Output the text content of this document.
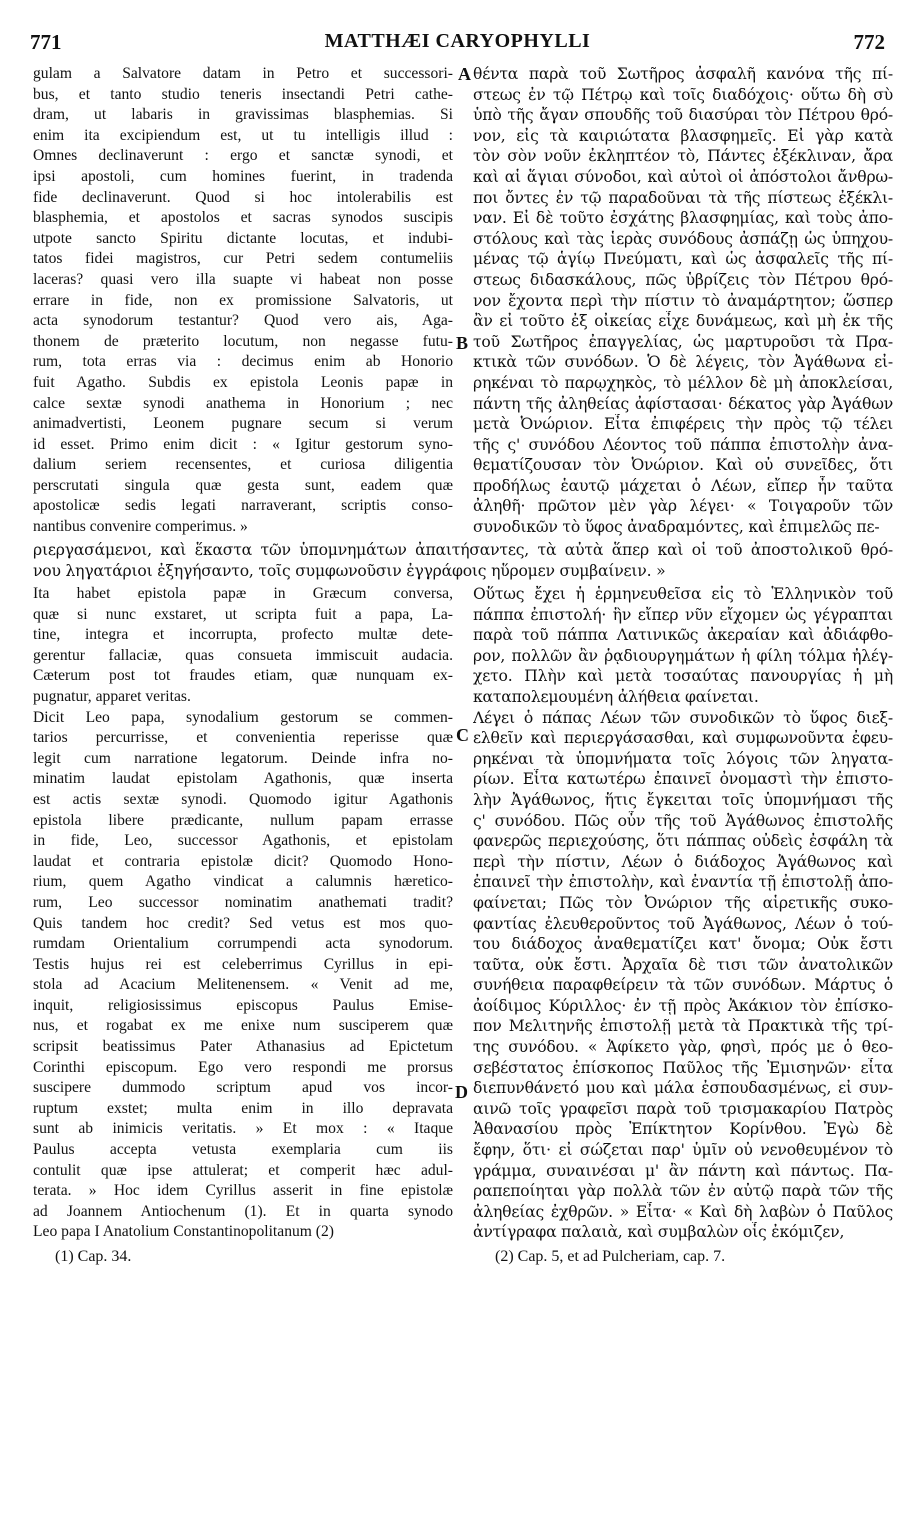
771	MATTHÆI CARYOPHYLLI	772
gulam a Salvatore datam in Petro et successori-
bus, et tanto studio teneris insectandi Petri cathe-
dram, ut labaris in gravissimas blasphemias. Si
enim ita excipiendum est, ut tu intelligis illud :
Omnes declinaverunt : ergo et sanctæ synodi, et
ipsi apostoli, cum homines fuerint, in tradenda
fide declinaverunt. Quod si hoc intolerabilis est
blasphemia, et apostolos et sacras synodos suscipis
utpote sancto Spiritu dictante locutas, et indubi-
tatos fidei magistros, cur Petri sedem contumeliis
laceras? quasi vero illa suapte vi habeat non posse
errare in fide, non ex promissione Salvatoris, ut
acta synodorum testantur? Quod vero ais, Aga-
thonem de præterito locutum, non negasse futu-
rum, tota erras via : decimus enim ab Honorio
fuit Agatho. Subdis ex epistola Leonis papæ in
calce sextæ synodi anathema in Honorium ; nec
animadvertisti, Leonem pugnare secum si verum
id esset. Primo enim dicit : « Igitur gestorum syno-
dalium seriem recensentes, et curiosa diligentia
perscrutati singula quæ gesta sunt, eadem quæ
apostolicæ sedis legati narraverant, scriptis conso-
nantibus convenire comperimus. »
θέντα παρὰ τοῦ Σωτῆρος ἀσφαλῆ κανόνα τῆς πί-
στεως ἐν τῷ Πέτρῳ καὶ τοῖς διαδόχοις· οὕτω δὴ σὺ
ὑπὸ τῆς ἄγαν σπουδῆς τοῦ διασύραι τὸν Πέτρου θρό-
νον, εἰς τὰ καιριώτατα βλασφημεῖς. Εἰ γὰρ κατὰ
τὸν σὸν νοῦν ἐκληπτέον τὸ, Πάντες ἐξέκλιναν, ἄρα
καὶ αἱ ἅγιαι σύνοδοι, καὶ αὐτοὶ οἱ ἀπόστολοι ἄνθρω-
ποι ὄντες ἐν τῷ παραδοῦναι τὰ τῆς πίστεως ἐξέκλι-
ναν. Εἰ δὲ τοῦτο ἐσχάτης βλασφημίας, καὶ τοὺς ἀπο-
στόλους καὶ τὰς ἱερὰς συνόδους ἀσπάζῃ ὡς ὑπηχου-
μένας τῷ ἁγίῳ Πνεύματι, καὶ ὡς ἀσφαλεῖς τῆς πί-
στεως διδασκάλους, πῶς ὑβρίζεις τὸν Πέτρου θρό-
νον ἔχοντα περὶ τὴν πίστιν τὸ ἀναμάρτητον; ὥσπερ
ἂν εἰ τοῦτο ἐξ οἰκείας εἶχε δυνάμεως, καὶ μὴ ἐκ τῆς
τοῦ Σωτῆρος ἐπαγγελίας, ὡς μαρτυροῦσι τὰ Πρα-
κτικὰ τῶν συνόδων. Ὁ δὲ λέγεις, τὸν Ἀγάθωνα εἰ-
ρηκέναι τὸ παρῳχηκὸς, τὸ μέλλον δὲ μὴ ἀποκλείσαι,
πάντη τῆς ἀληθείας ἀφίστασαι· δέκατος γὰρ Ἀγάθων
μετὰ Ὀνώριον. Εἶτα ἐπιφέρεις τὴν πρὸς τῷ τέλει
τῆς ς' συνόδου Λέοντος τοῦ πάππα ἐπιστολὴν ἀνα-
θεματίζουσαν τὸν Ὀνώριον. Καὶ οὐ συνεῖδες, ὅτι
προδήλως ἑαυτῷ μάχεται ὁ Λέων, εἴπερ ἦν ταῦτα
ἀληθῆ· πρῶτον μὲν γὰρ λέγει· « Τοιγαροῦν τῶν
συνοδικῶν τὸ ὕφος ἀναδραμόντες, καὶ ἐπιμελῶς πε-
ριεργασάμενοι, καὶ ἕκαστα τῶν ὑπομνημάτων ἀπαιτήσαντες, τὰ αὐτὰ ἅπερ καὶ οἱ τοῦ ἀποστολικοῦ θρό-
νου ληγατάριοι ἐξηγήσαντο, τοῖς συμφωνοῦσιν ἐγγράφοις ηὕρομεν συμβαίνειν. »
Ita habet epistola papæ in Græcum conversa,
quæ si nunc exstaret, ut scripta fuit a papa, La-
tine, integra et incorrupta, profecto multæ dete-
gerentur fallaciæ, quas consueta immiscuit audacia.
Cæterum post tot fraudes etiam, quæ nunquam ex-
pugnatur, apparet veritas.
Dicit Leo papa, synodalium gestorum se commen-
tarios percurrisse, et convenientia reperisse quæ
legit cum narratione legatorum. Deinde infra no-
minatim laudat epistolam Agathonis, quæ inserta
est actis sextæ synodi. Quomodo igitur Agathonis
epistola libere prædicante, nullum papam errasse
in fide, Leo, successor Agathonis, et epistolam
laudat et contraria epistolæ dicit? Quomodo Hono-
rium, quem Agatho vindicat a calumnis hæretico-
rum, Leo successor nominatim anathemati tradit?
Quis tandem hoc credit? Sed vetus est mos quo-
rumdam Orientalium corrumpendi acta synodorum.
Testis hujus rei est celeberrimus Cyrillus in epi-
stola ad Acacium Melitenensem. « Venit ad me,
inquit, religiosissimus episcopus Paulus Emise-
nus, et rogabat ex me enixe num susciperem quæ
scripsit beatissimus Pater Athanasius ad Epictetum
Corinthi episcopum. Ego vero respondi me prorsus
suscipere dummodo scriptum apud vos incor-
ruptum exstet; multa enim in illo depravata
sunt ab inimicis veritatis. » Et mox : « Itaque
Paulus accepta vetusta exemplaria cum iis
contulit quæ ipse attulerat; et comperit hæc adul-
terata. » Hoc idem Cyrillus asserit in fine epistolæ
ad Joannem Antiochenum (1). Et in quarta synodo
Leo papa I Anatolium Constantinopolitanum (2)
Οὕτως ἔχει ἡ ἑρμηνευθεῖσα εἰς τὸ Ἑλληνικὸν τοῦ
πάππα ἐπιστολή· ἣν εἴπερ νῦν εἴχομεν ὡς γέγραπται
παρὰ τοῦ πάππα Λατινικῶς ἀκεραίαν καὶ ἀδιάφθο-
ρον, πολλῶν ἂν ῥᾳδιουργημάτων ἡ φίλη τόλμα ἠλέγ-
χετο. Πλὴν καὶ μετὰ τοσαύτας πανουργίας ἡ μὴ
καταπολεμουμένη ἀλήθεια φαίνεται.
Λέγει ὁ πάπας Λέων τῶν συνοδικῶν τὸ ὕφος διεξ-
ελθεῖν καὶ περιεργάσασθαι, καὶ συμφωνοῦντα ἐφευ-
ρηκέναι τὰ ὑπομνήματα τοῖς λόγοις τῶν ληγατα-
ρίων. Εἶτα κατωτέρω ἐπαινεῖ ὀνομαστὶ τὴν ἐπιστο-
λὴν Ἀγάθωνος, ἥτις ἔγκειται τοῖς ὑπομνήμασι τῆς
ς' συνόδου. Πῶς οὖν τῆς τοῦ Ἀγάθωνος ἐπιστολῆς
φανερῶς περιεχούσης, ὅτι πάππας οὐδεὶς ἐσφάλη τὰ
περὶ τὴν πίστιν, Λέων ὁ διάδοχος Ἀγάθωνος καὶ
ἐπαινεῖ τὴν ἐπιστολὴν, καὶ ἐναντία τῇ ἐπιστολῇ ἀπο-
φαίνεται; Πῶς τὸν Ὀνώριον τῆς αἱρετικῆς συκο-
φαντίας ἐλευθεροῦντος τοῦ Ἀγάθωνος, Λέων ὁ τού-
του διάδοχος ἀναθεματίζει κατ' ὄνομα; Οὐκ ἔστι
ταῦτα, οὐκ ἔστι. Ἀρχαῖα δὲ τισι τῶν ἀνατολικῶν
συνήθεια παραφθείρειν τὰ τῶν συνόδων. Μάρτυς ὁ
ἀοίδιμος Κύριλλος· ἐν τῇ πρὸς Ἀκάκιον τὸν ἐπίσκο-
πον Μελιτηνῆς ἐπιστολῇ μετὰ τὰ Πρακτικὰ τῆς τρί-
της συνόδου. « Ἀφίκετο γὰρ, φησὶ, πρός με ὁ θεο-
σεβέστατος ἐπίσκοπος Παῦλος τῆς Ἐμισηνῶν· εἶτα
διεπυνθάνετό μου καὶ μάλα ἐσπουδασμένως, εἰ συν-
αινῶ τοῖς γραφεῖσι παρὰ τοῦ τρισμακαρίου Πατρὸς
Ἀθανασίου πρὸς Ἐπίκτητον Κορίνθου. Ἐγὼ δὲ
ἔφην, ὅτι· εἰ σώζεται παρ' ὑμῖν οὐ νενοθευμένον τὸ
γράμμα, συναινέσαι μ' ἂν πάντη καὶ πάντως. Πα-
ραπεποίηται γὰρ πολλὰ τῶν ἐν αὐτῷ παρὰ τῶν τῆς
ἀληθείας ἐχθρῶν. » Εἶτα· « Καὶ δὴ λαβὼν ὁ Παῦλος
ἀντίγραφα παλαιὰ, καὶ συμβαλὼν οἷς ἐκόμιζεν,
A
B
C
D
(1) Cap. 34.	(2) Cap. 5, et ad Pulcheriam, cap. 7.
